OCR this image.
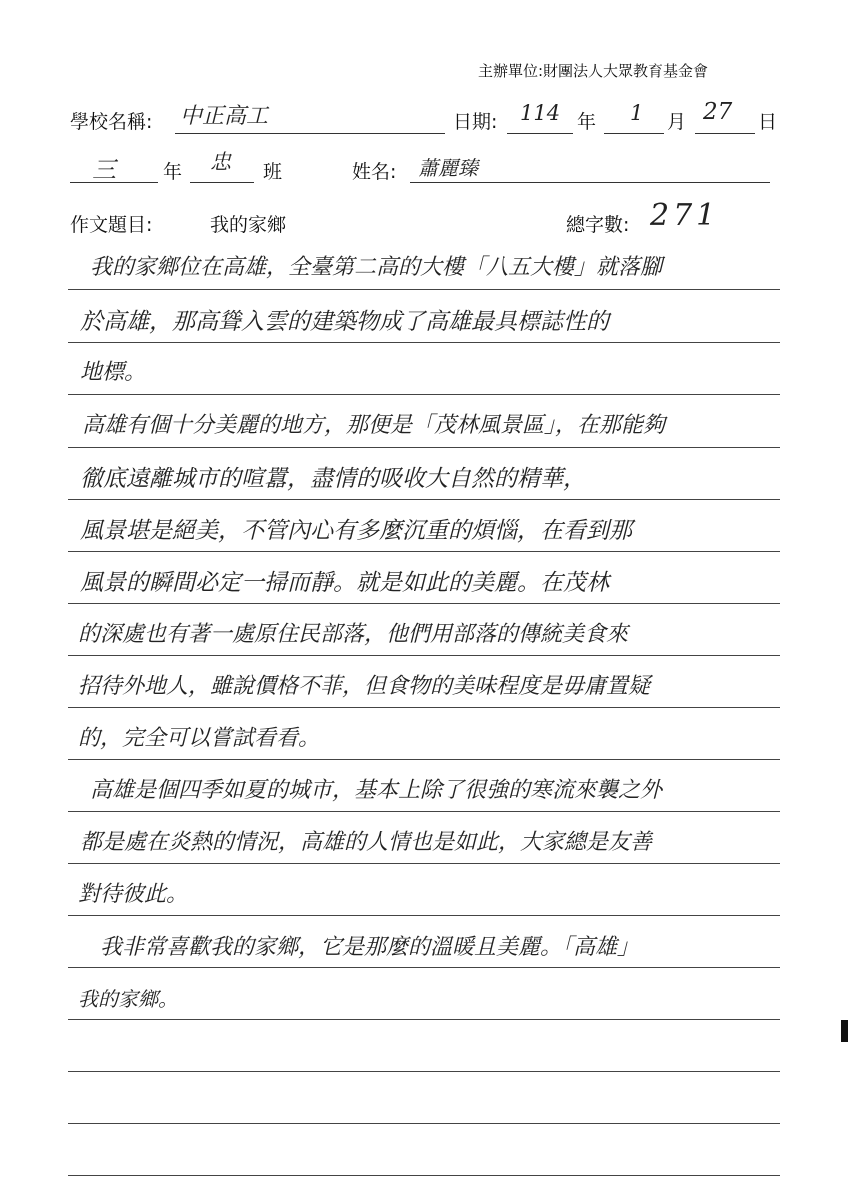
主辦單位:財團法人大眾教育基金會
學校名稱: 中正高工	日期: 114 年 1 月 27 日
三 年 忠 班	姓名: 蕭麗臻
作文題目:	我的家鄉	總字數: 271
我的家鄉位在高雄，全臺第二高的大樓「八五大樓」就落腳
於高雄，那高聳入雲的建築物成了高雄最具標誌性的
地標。
高雄有個十分美麗的地方，那便是「茂林風景區」，在那能夠
徹底遠離城市的喧囂，盡情的吸收大自然的精華，
風景堪是絕美，不管內心有多麼沉重的煩惱，在看到那
風景的瞬間必定一掃而靜。就是如此的美麗。在茂林
的深處也有著一處原住民部落，他們用部落的傳統美食來
招待外地人，雖說價格不菲，但食物的美味程度是毋庸置疑
的，完全可以嘗試看看。
高雄是個四季如夏的城市，基本上除了很強的寒流來襲之外
都是處在炎熱的情況，高雄的人情也是如此，大家總是友善
對待彼此。
我非常喜歡我的家鄉，它是那麼的溫暖且美麗。「高雄」
我的家鄉。
